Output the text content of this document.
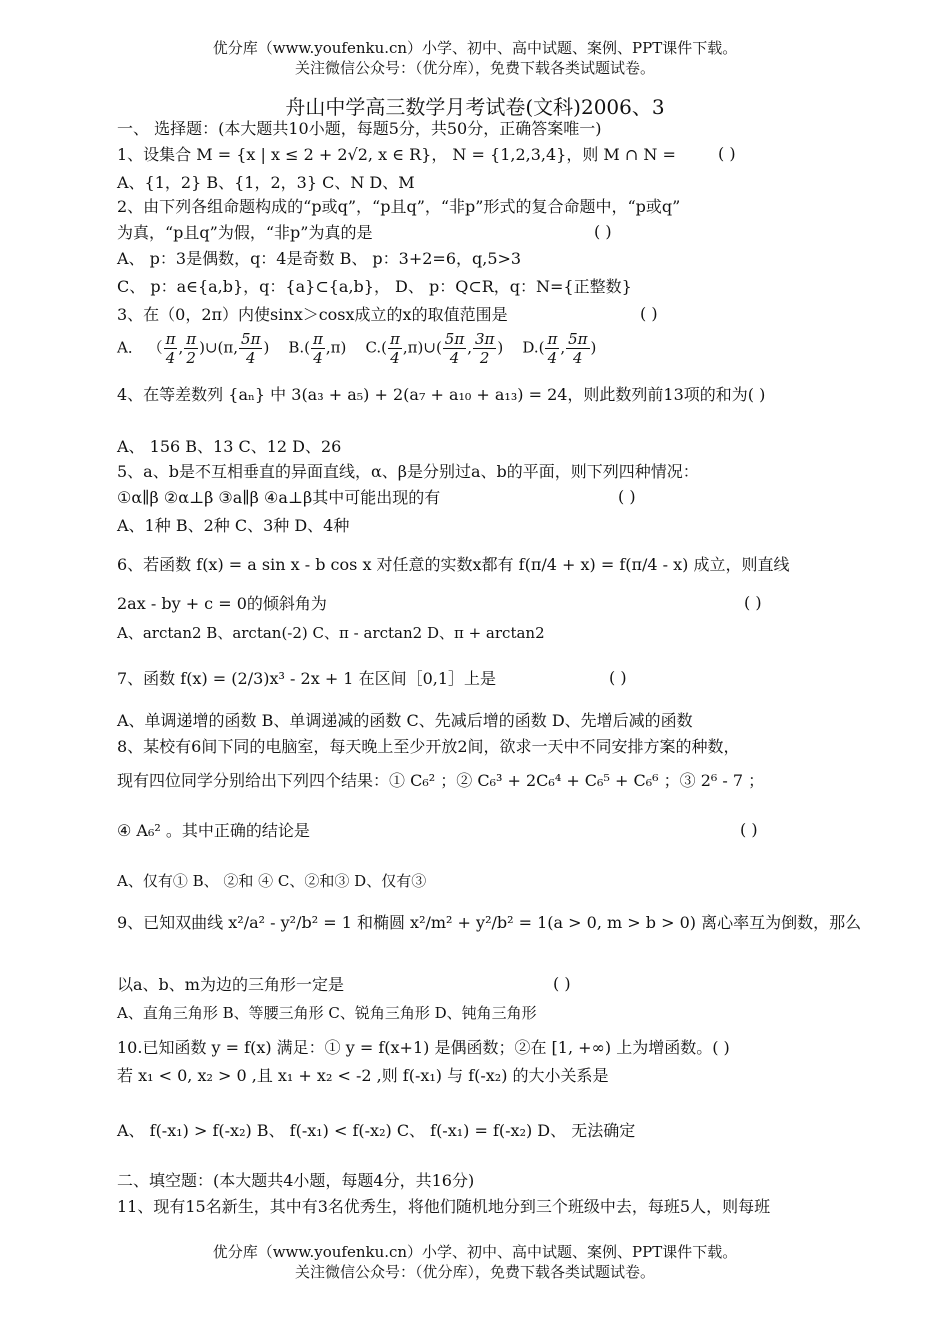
优分库（www.youfenku.cn）小学、初中、高中试题、案例、PPT课件下载。
关注微信公众号：（优分库），免费下载各类试题试卷。
舟山中学高三数学月考试卷(文科)2006、3
一、 选择题：(本大题共10小题，每题5分，共50分，正确答案唯一)
1、设集合 M = {x | x ≤ 2 + 2√2, x ∈ R}， N = {1,2,3,4}，则 M ∩ N =	( )
A、{1，2} B、{1，2，3} C、N D、M
2、由下列各组命题构成的“p或q”，“p且q”，“非p”形式的复合命题中，“p或q”
为真，“p且q”为假，“非p”为真的是	( )
A、 p：3是偶数，q：4是奇数 B、 p：3+2=6，q,5>3
C、 p：a∈{a,b}，q：{a}⊂{a,b}， D、 p：Q⊂R，q：N={正整数}
3、在（0，2π）内使sinx＞cosx成立的x的取值范围是	( )
A． （ $\frac{\pi}{4}$ , $\frac{\pi}{2}$ )∪(π, $\frac{5\pi}{4}$ )    $B.( \frac{\pi}{4} ,\pi)$    $C.( \frac{\pi}{4}$ ,π)∪( $\frac{5\pi}{4}$ , $\frac{3\pi}{2}$ )    $D.( \frac{\pi}{4}$ , $\frac{5\pi}{4}$ )
4、在等差数列 {aₙ} 中 3(a₃ + a₅) + 2(a₇ + a₁₀ + a₁₃) = 24，则此数列前13项的和为( )
A、 156 B、13 C、12 D、26
5、a、b是不互相垂直的异面直线，α、β是分别过a、b的平面，则下列四种情况：
①α∥β ②α⊥β ③a∥β ④a⊥β其中可能出现的有	( )
A、1种 B、2种 C、3种 D、4种
6、若函数 f(x) = a sin x - b cos x 对任意的实数x都有 f(π/4 + x) = f(π/4 - x) 成立，则直线
2ax - by + c = 0的倾斜角为	( )
A、arctan2 B、arctan(-2) C、π - arctan2 D、π + arctan2
7、函数 f(x) = (2/3)x³ - 2x + 1 在区间［0,1］上是	( )
A、单调递增的函数 B、单调递减的函数 C、先减后增的函数 D、先增后减的函数
8、某校有6间下同的电脑室，每天晚上至少开放2间，欲求一天中不同安排方案的种数，
现有四位同学分别给出下列四个结果：① C₆² ；② C₆³ + 2C₆⁴ + C₆⁵ + C₆⁶ ；③ 2⁶ - 7 ；
④ A₆² 。其中正确的结论是	( )
A、仅有① B、 ②和 ④ C、②和③ D、仅有③
9、已知双曲线 x²/a² - y²/b² = 1 和椭圆 x²/m² + y²/b² = 1(a > 0, m > b > 0) 离心率互为倒数，那么
以a、b、m为边的三角形一定是	( )
A、直角三角形 B、等腰三角形 C、锐角三角形 D、钝角三角形
10.已知函数 y = f(x) 满足：① y = f(x+1) 是偶函数；②在 [1, +∞) 上为增函数。( )
若 x₁ < 0, x₂ > 0 ,且 x₁ + x₂ < -2 ,则 f(-x₁) 与 f(-x₂) 的大小关系是
A、 f(-x₁) > f(-x₂) B、 f(-x₁) < f(-x₂) C、 f(-x₁) = f(-x₂) D、 无法确定
二、填空题：(本大题共4小题，每题4分，共16分)
11、现有15名新生，其中有3名优秀生，将他们随机地分到三个班级中去，每班5人，则每班
优分库（www.youfenku.cn）小学、初中、高中试题、案例、PPT课件下载。
关注微信公众号：（优分库），免费下载各类试题试卷。
